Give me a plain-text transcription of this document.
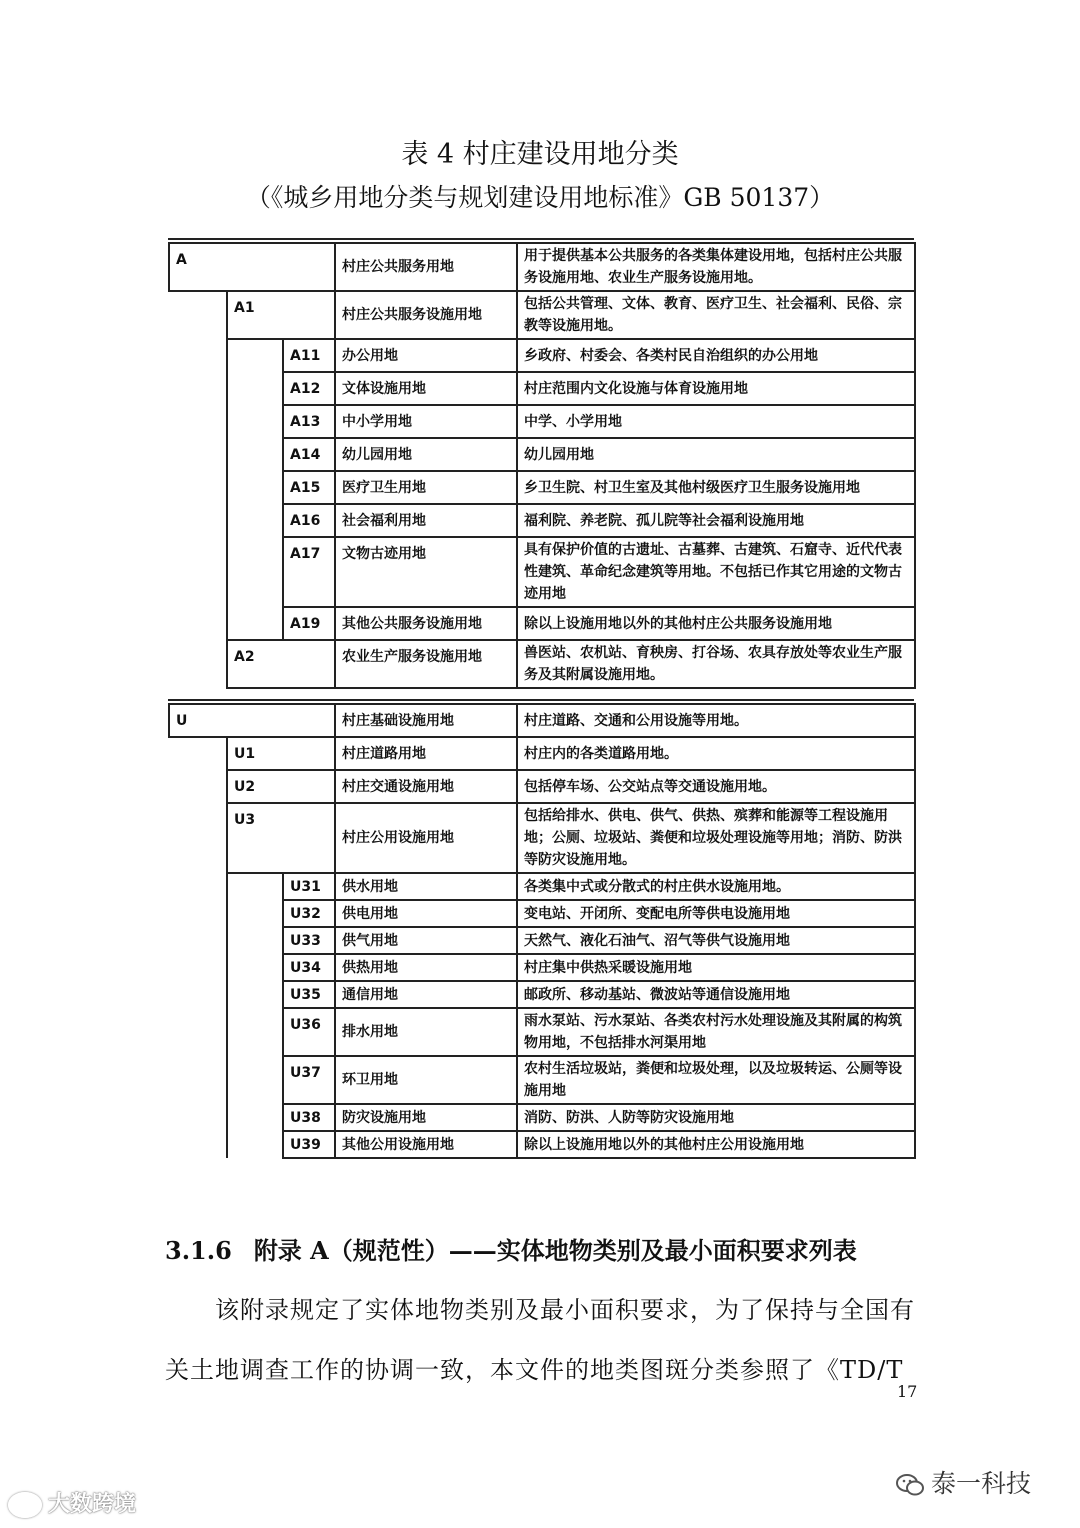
表 4 村庄建设用地分类
（《城乡用地分类与规划建设用地标准》GB 50137）
A			村庄公共服务用地	用于提供基本公共服务的各类集体建设用地，包括村庄公共服务设施用地、农业生产服务设施用地。
	A1		村庄公共服务设施用地	包括公共管理、文体、教育、医疗卫生、社会福利、民俗、宗教等设施用地。
		A11	办公用地	乡政府、村委会、各类村民自治组织的办公用地
		A12	文体设施用地	村庄范围内文化设施与体育设施用地
		A13	中小学用地	中学、小学用地
		A14	幼儿园用地	幼儿园用地
		A15	医疗卫生用地	乡卫生院、村卫生室及其他村级医疗卫生服务设施用地
		A16	社会福利用地	福利院、养老院、孤儿院等社会福利设施用地
		A17	文物古迹用地	具有保护价值的古遗址、古墓葬、古建筑、石窟寺、近代代表性建筑、革命纪念建筑等用地。不包括已作其它用途的文物古迹用地
		A19	其他公共服务设施用地	除以上设施用地以外的其他村庄公共服务设施用地
	A2		农业生产服务设施用地	兽医站、农机站、育秧房、打谷场、农具存放处等农业生产服务及其附属设施用地。
U			村庄基础设施用地	村庄道路、交通和公用设施等用地。
	U1		村庄道路用地	村庄内的各类道路用地。
	U2		村庄交通设施用地	包括停车场、公交站点等交通设施用地。
	U3		村庄公用设施用地	包括给排水、供电、供气、供热、殡葬和能源等工程设施用地；公厕、垃圾站、粪便和垃圾处理设施等用地；消防、防洪等防灾设施用地。
		U31	供水用地	各类集中式或分散式的村庄供水设施用地。
		U32	供电用地	变电站、开闭所、变配电所等供电设施用地
		U33	供气用地	天然气、液化石油气、沼气等供气设施用地
		U34	供热用地	村庄集中供热采暖设施用地
		U35	通信用地	邮政所、移动基站、微波站等通信设施用地
		U36	排水用地	雨水泵站、污水泵站、各类农村污水处理设施及其附属的构筑物用地，不包括排水河渠用地
		U37	环卫用地	农村生活垃圾站，粪便和垃圾处理，以及垃圾转运、公厕等设施用地
		U38	防灾设施用地	消防、防洪、人防等防灾设施用地
		U39	其他公用设施用地	除以上设施用地以外的其他村庄公用设施用地
3.1.6 附录 A（规范性）——实体地物类别及最小面积要求列表
该附录规定了实体地物类别及最小面积要求，为了保持与全国有
关土地调查工作的协调一致，本文件的地类图斑分类参照了《TD/T
17
大数跨境
泰一科技
